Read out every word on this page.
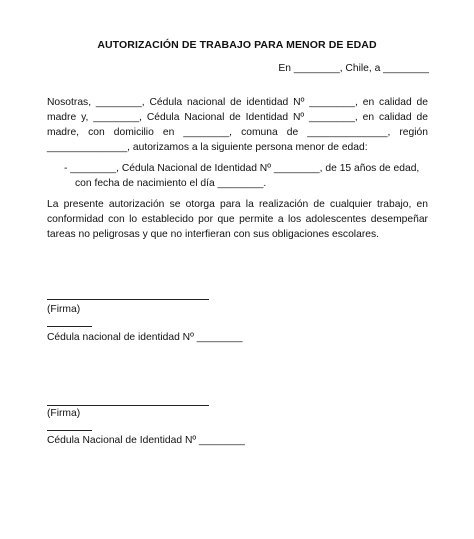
AUTORIZACIÓN DE TRABAJO PARA MENOR DE EDAD
En ________, Chile, a ________
Nosotras, ________, Cédula nacional de identidad Nº ________, en calidad de madre y, ________, Cédula Nacional de Identidad Nº ________, en calidad de madre, con domicilio en ________, comuna de ______________, región ______________, autorizamos a la siguiente persona menor de edad:
- ________, Cédula Nacional de Identidad Nº ________, de 15 años de edad,
con fecha de nacimiento el día ________.
La presente autorización se otorga para la realización de cualquier trabajo, en conformidad con lo establecido por que permite a los adolescentes desempeñar tareas no peligrosas y que no interfieran con sus obligaciones escolares.
(Firma)
Cédula nacional de identidad Nº ________
(Firma)
Cédula Nacional de Identidad Nº ________
